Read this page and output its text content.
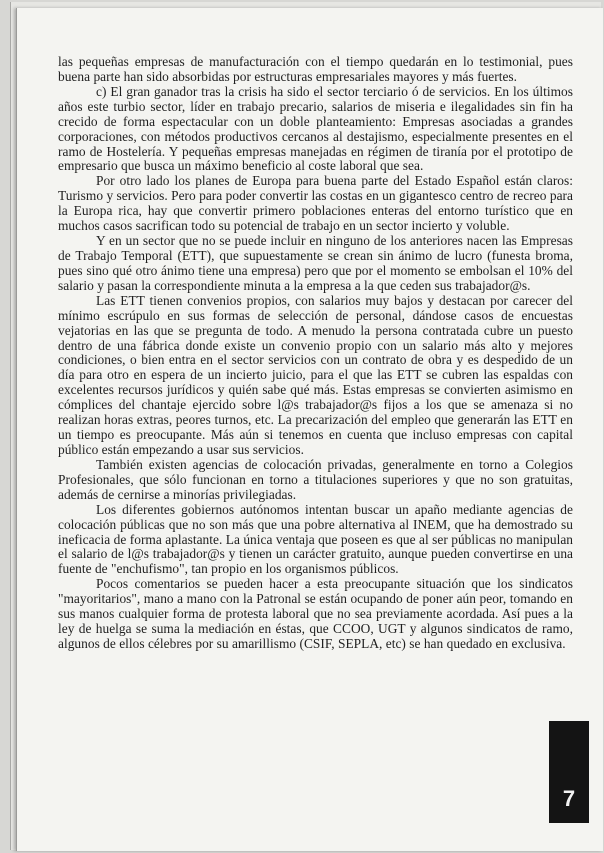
las pequeñas empresas de manufacturación con el tiempo quedarán en lo testimonial, pues buena parte han sido absorbidas por estructuras empresariales mayores y más fuertes.

c) El gran ganador tras la crisis ha sido el sector terciario ó de servicios. En los últimos años este turbio sector, líder en trabajo precario, salarios de miseria e ilegalidades sin fin ha crecido de forma espectacular con un doble planteamiento: Empresas asociadas a grandes corporaciones, con métodos productivos cercanos al destajismo, especialmente presentes en el ramo de Hostelería. Y pequeñas empresas manejadas en régimen de tiranía por el prototipo de empresario que busca un máximo beneficio al coste laboral que sea.

Por otro lado los planes de Europa para buena parte del Estado Español están claros: Turismo y servicios. Pero para poder convertir las costas en un gigantesco centro de recreo para la Europa rica, hay que convertir primero poblaciones enteras del entorno turístico que en muchos casos sacrifican todo su potencial de trabajo en un sector incierto y voluble.

Y en un sector que no se puede incluir en ninguno de los anteriores nacen las Empresas de Trabajo Temporal (ETT), que supuestamente se crean sin ánimo de lucro (funesta broma, pues sino qué otro ánimo tiene una empresa) pero que por el momento se embolsan el 10% del salario y pasan la correspondiente minuta a la empresa a la que ceden sus trabajador@s.

Las ETT tienen convenios propios, con salarios muy bajos y destacan por carecer del mínimo escrúpulo en sus formas de selección de personal, dándose casos de encuestas vejatorias en las que se pregunta de todo. A menudo la persona contratada cubre un puesto dentro de una fábrica donde existe un convenio propio con un salario más alto y mejores condiciones, o bien entra en el sector servicios con un contrato de obra y es despedido de un día para otro en espera de un incierto juicio, para el que las ETT se cubren las espaldas con excelentes recursos jurídicos y quién sabe qué más. Estas empresas se convierten asimismo en cómplices del chantaje ejercido sobre l@s trabajador@s fijos a los que se amenaza si no realizan horas extras, peores turnos, etc. La precarización del empleo que generarán las ETT en un tiempo es preocupante. Más aún si tenemos en cuenta que incluso empresas con capital público están empezando a usar sus servicios.

También existen agencias de colocación privadas, generalmente en torno a Colegios Profesionales, que sólo funcionan en torno a titulaciones superiores y que no son gratuitas, además de cernirse a minorías privilegiadas.

Los diferentes gobiernos autónomos intentan buscar un apaño mediante agencias de colocación públicas que no son más que una pobre alternativa al INEM, que ha demostrado su ineficacia de forma aplastante. La única ventaja que poseen es que al ser públicas no manipulan el salario de l@s trabajador@s y tienen un carácter gratuito, aunque pueden convertirse en una fuente de "enchufismo", tan propio en los organismos públicos.

Pocos comentarios se pueden hacer a esta preocupante situación que los sindicatos "mayoritarios", mano a mano con la Patronal se están ocupando de poner aún peor, tomando en sus manos cualquier forma de protesta laboral que no sea previamente acordada. Así pues a la ley de huelga se suma la mediación en éstas, que CCOO, UGT y algunos sindicatos de ramo, algunos de ellos célebres por su amarillismo (CSIF, SEPLA, etc) se han quedado en exclusiva.

7
